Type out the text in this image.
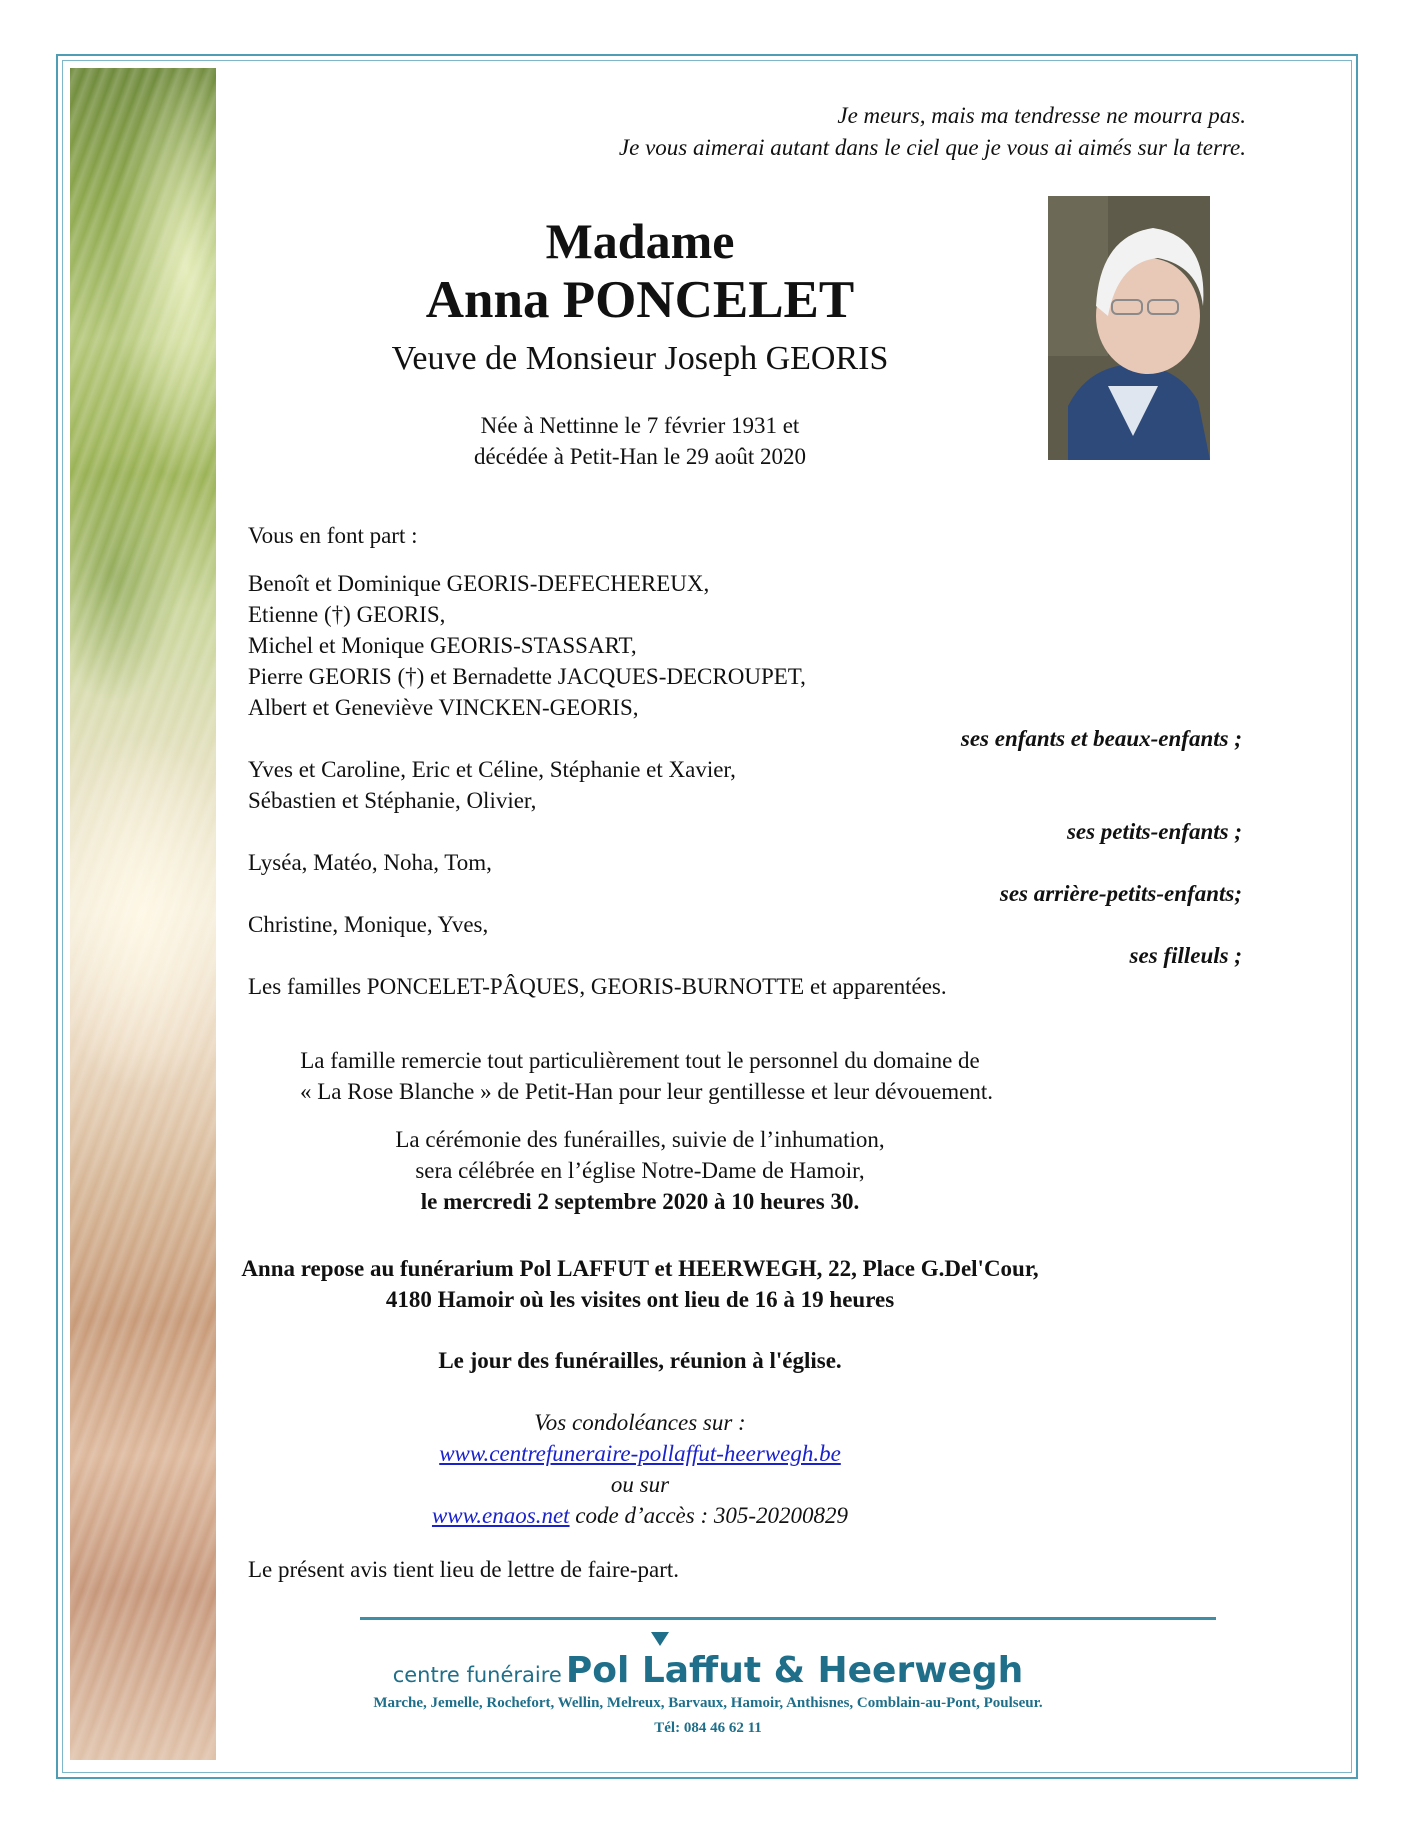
Je meurs, mais ma tendresse ne mourra pas.
Je vous aimerai autant dans le ciel que je vous ai aimés sur la terre.
Madame
Anna PONCELET
Veuve de Monsieur Joseph GEORIS
Née à Nettinne le 7 février 1931 et
décédée à Petit-Han le 29 août 2020
Vous en font part :
Benoît et Dominique GEORIS-DEFECHEREUX,
Etienne (†) GEORIS,
Michel et Monique GEORIS-STASSART,
Pierre GEORIS (†) et Bernadette JACQUES-DECROUPET,
Albert et Geneviève VINCKEN-GEORIS,
ses enfants et beaux-enfants ;
Yves et Caroline, Eric et Céline, Stéphanie et Xavier,
Sébastien et Stéphanie, Olivier,
ses petits-enfants ;
Lyséa, Matéo, Noha, Tom,
ses arrière-petits-enfants;
Christine, Monique, Yves,
ses filleuls ;
Les familles PONCELET-PÂQUES, GEORIS-BURNOTTE et apparentées.
La famille remercie tout particulièrement tout le personnel du domaine de
« La Rose Blanche » de Petit-Han pour leur gentillesse et leur dévouement.
La cérémonie des funérailles, suivie de l’inhumation,
sera célébrée en l’église Notre-Dame de Hamoir,
le mercredi 2 septembre 2020 à 10 heures 30.
Anna repose au funérarium Pol LAFFUT et HEERWEGH, 22, Place G.Del'Cour,
4180 Hamoir où les visites ont lieu de 16 à 19 heures
Le jour des funérailles, réunion à l'église.
Vos condoléances sur :
www.centrefuneraire-pollaffut-heerwegh.be
ou sur
www.enaos.net code d’accès : 305-20200829
Le présent avis tient lieu de lettre de faire-part.
centre funéraire Pol Laffut & Heerwegh
Marche, Jemelle, Rochefort, Wellin, Melreux, Barvaux, Hamoir, Anthisnes, Comblain-au-Pont, Poulseur.
Tél: 084 46 62 11
